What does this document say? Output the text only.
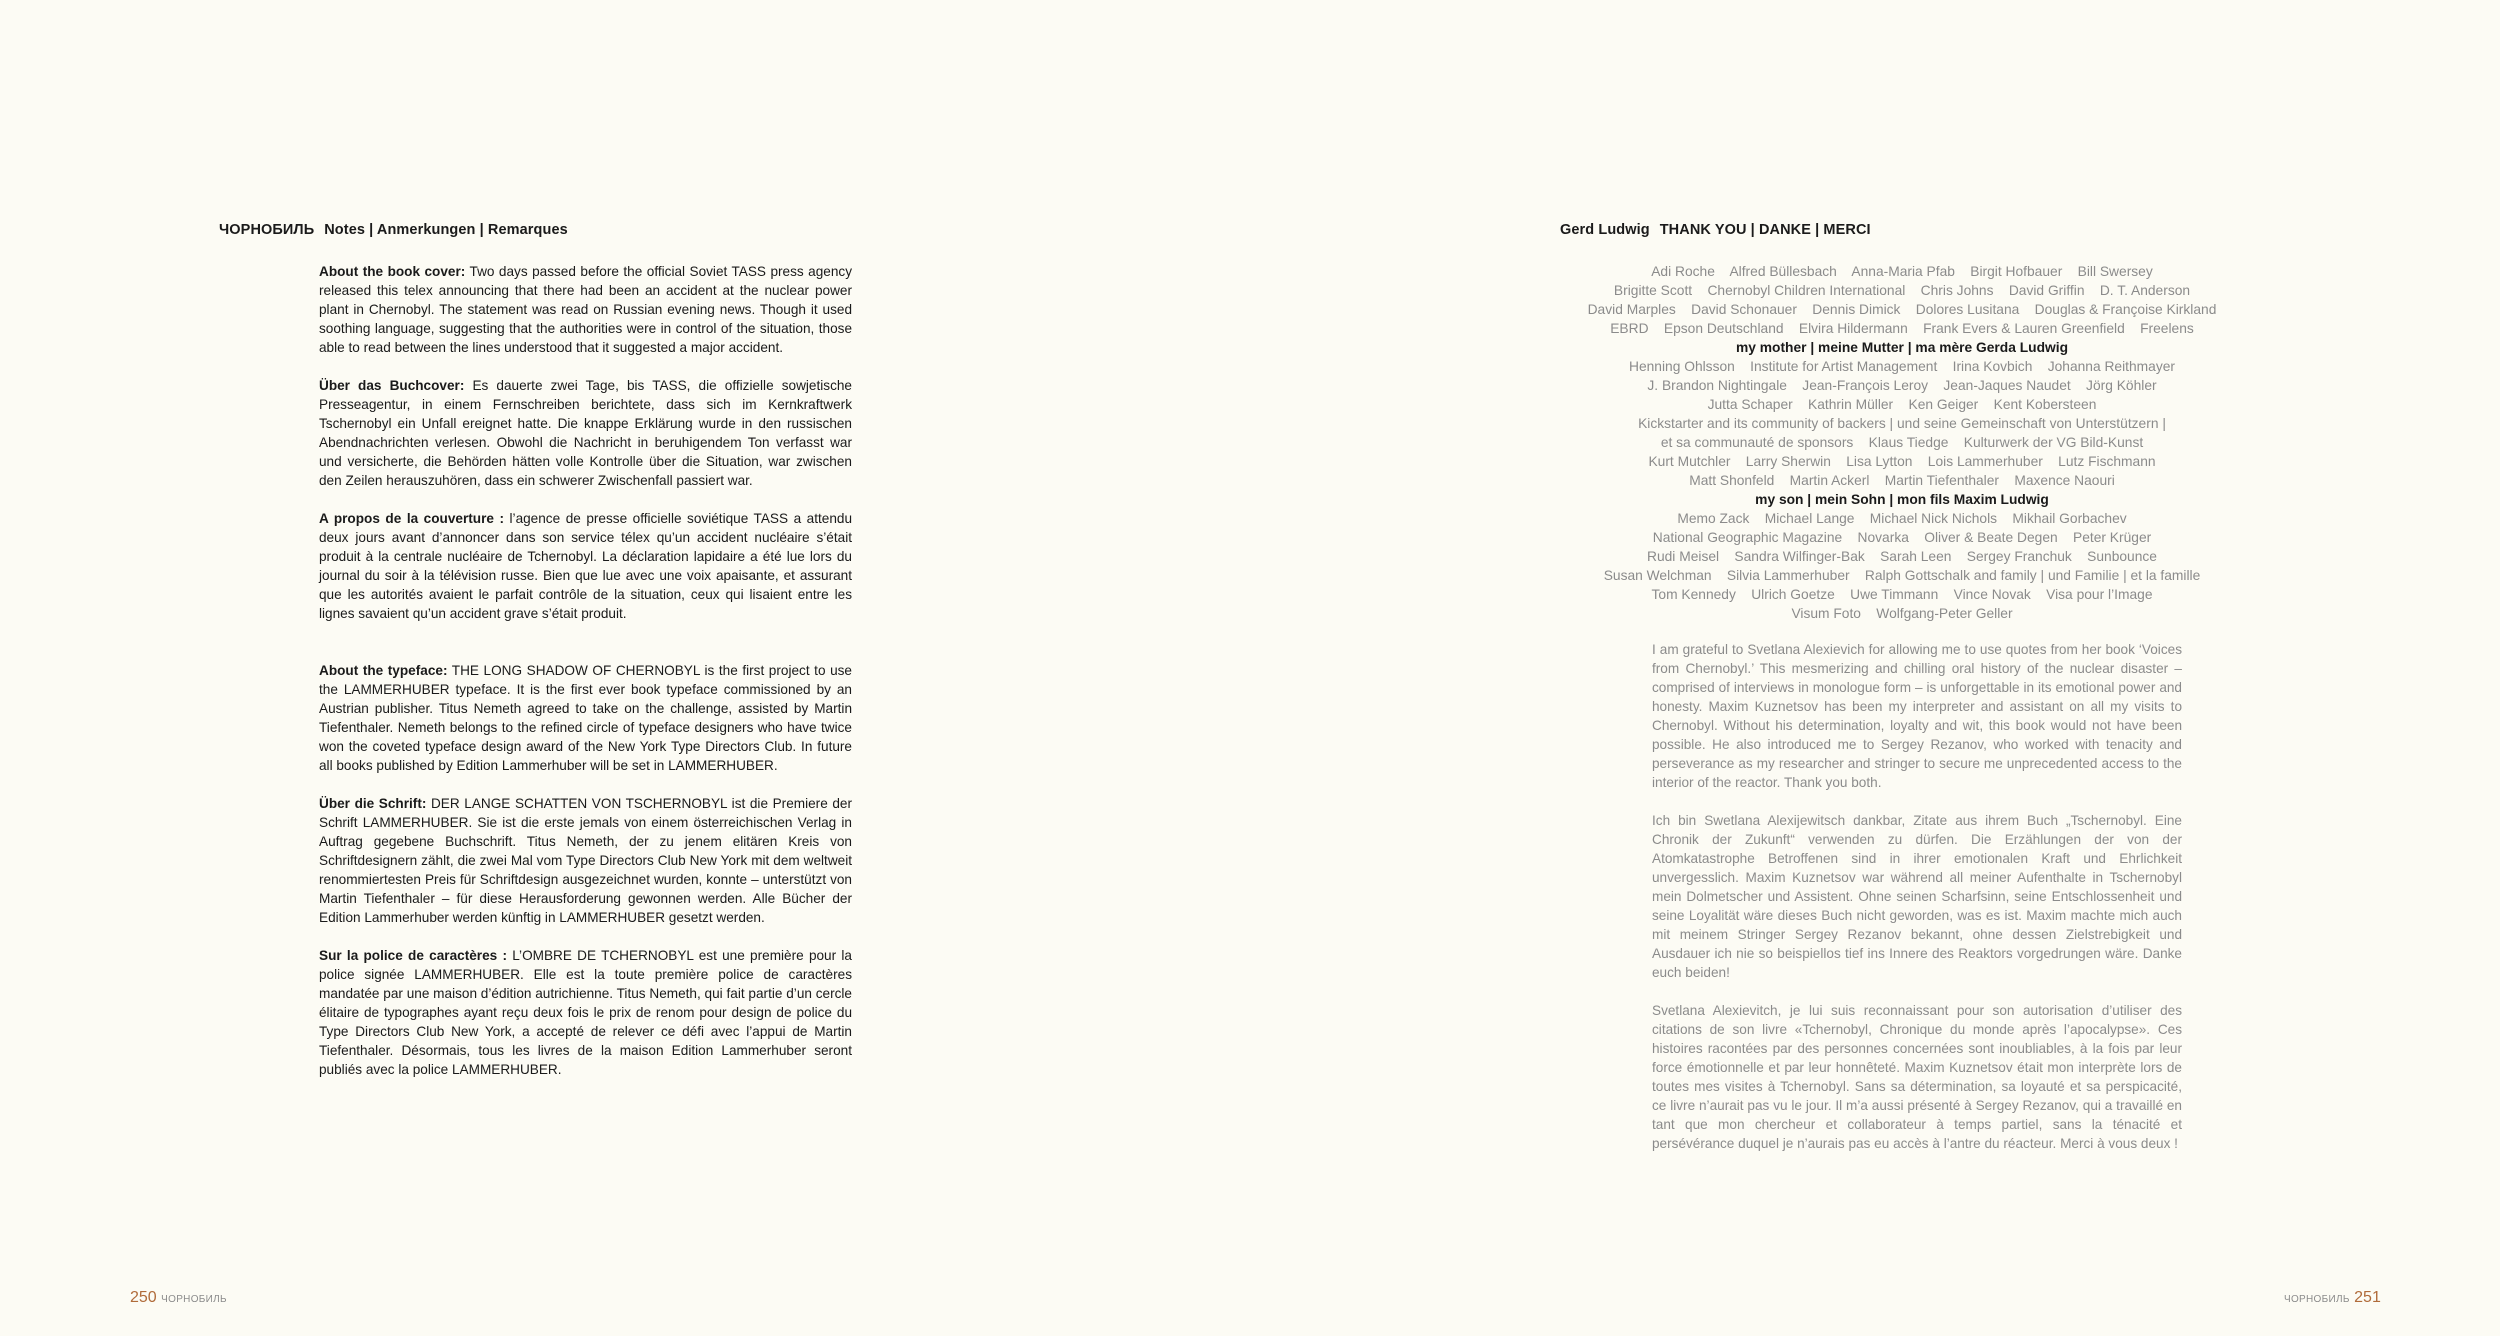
ЧОРНОБИЛЬ Notes | Anmerkungen | Remarques

About the book cover: Two days passed before the official Soviet TASS press agency released this telex announcing that there had been an accident at the nuclear power plant in Chernobyl. The statement was read on Russian evening news. Though it used soothing language, suggesting that the authorities were in control of the situation, those able to read between the lines understood that it suggested a major accident.

Über das Buchcover: Es dauerte zwei Tage, bis TASS, die offizielle sowjetische Presseagentur, in einem Fernschreiben berichtete, dass sich im Kernkraftwerk Tschernobyl ein Unfall ereignet hatte. Die knappe Erklärung wurde in den russischen Abendnachrichten verlesen. Obwohl die Nachricht in beruhigendem Ton verfasst war und versicherte, die Behörden hätten volle Kontrolle über die Situation, war zwischen den Zeilen herauszuhören, dass ein schwerer Zwischenfall passiert war.

A propos de la couverture : l’agence de presse officielle soviétique TASS a attendu deux jours avant d’annoncer dans son service télex qu’un accident nucléaire s’était produit à la centrale nucléaire de Tchernobyl. La déclaration lapidaire a été lue lors du journal du soir à la télévision russe. Bien que lue avec une voix apaisante, et assurant que les autorités avaient le parfait contrôle de la situation, ceux qui lisaient entre les lignes savaient qu’un accident grave s’était produit.

About the typeface: THE LONG SHADOW OF CHERNOBYL is the first project to use the LAMMERHUBER typeface. It is the first ever book typeface commissioned by an Austrian publisher. Titus Nemeth agreed to take on the challenge, assisted by Martin Tiefenthaler. Nemeth belongs to the refined circle of typeface designers who have twice won the coveted typeface design award of the New York Type Directors Club. In future all books published by Edition Lammerhuber will be set in LAMMERHUBER.

Über die Schrift: DER LANGE SCHATTEN VON TSCHERNOBYL ist die Premiere der Schrift LAMMERHUBER. Sie ist die erste jemals von einem österreichischen Verlag in Auftrag gegebene Buchschrift. Titus Nemeth, der zu jenem elitären Kreis von Schriftdesignern zählt, die zwei Mal vom Type Directors Club New York mit dem weltweit renommiertesten Preis für Schriftdesign ausgezeichnet wurden, konnte – unterstützt von Martin Tiefenthaler – für diese Herausforderung gewonnen werden. Alle Bücher der Edition Lammerhuber werden künftig in LAMMERHUBER gesetzt werden.

Sur la police de caractères : L’OMBRE DE TCHERNOBYL est une première pour la police signée LAMMERHUBER. Elle est la toute première police de caractères mandatée par une maison d’édition autrichienne. Titus Nemeth, qui fait partie d’un cercle élitaire de typographes ayant reçu deux fois le prix de renom pour design de police du Type Directors Club New York, a accepté de relever ce défi avec l’appui de Martin Tiefenthaler. Désormais, tous les livres de la maison Edition Lammerhuber seront publiés avec la police LAMMERHUBER.

250 ЧОРНОБИЛЬ
Gerd Ludwig THANK YOU | DANKE | MERCI
Adi Roche    Alfred Büllesbach    Anna-Maria Pfab    Birgit Hofbauer    Bill Swersey
Brigitte Scott    Chernobyl Children International    Chris Johns    David Griffin    D. T. Anderson
David Marples    David Schonauer    Dennis Dimick    Dolores Lusitana    Douglas & Françoise Kirkland
EBRD    Epson Deutschland    Elvira Hildermann    Frank Evers & Lauren Greenfield    Freelens
my mother | meine Mutter | ma mère Gerda Ludwig
Henning Ohlsson    Institute for Artist Management    Irina Kovbich    Johanna Reithmayer
J. Brandon Nightingale    Jean-François Leroy    Jean-Jaques Naudet    Jörg Köhler
Jutta Schaper    Kathrin Müller    Ken Geiger    Kent Kobersteen
Kickstarter and its community of backers | und seine Gemeinschaft von Unterstützern |
et sa communauté de sponsors    Klaus Tiedge    Kulturwerk der VG Bild-Kunst
Kurt Mutchler    Larry Sherwin    Lisa Lytton    Lois Lammerhuber    Lutz Fischmann
Matt Shonfeld    Martin Ackerl    Martin Tiefenthaler    Maxence Naouri
my son | mein Sohn | mon fils Maxim Ludwig
Memo Zack    Michael Lange    Michael Nick Nichols    Mikhail Gorbachev
National Geographic Magazine    Novarka    Oliver & Beate Degen    Peter Krüger
Rudi Meisel    Sandra Wilfinger-Bak    Sarah Leen    Sergey Franchuk    Sunbounce
Susan Welchman    Silvia Lammerhuber    Ralph Gottschalk and family | und Familie | et la famille
Tom Kennedy    Ulrich Goetze    Uwe Timmann    Vince Novak    Visa pour l’Image
Visum Foto    Wolfgang-Peter Geller

I am grateful to Svetlana Alexievich for allowing me to use quotes from her book ‘Voices from Chernobyl.’ This mesmerizing and chilling oral history of the nuclear disaster – comprised of interviews in monologue form – is unforgettable in its emotional power and honesty. Maxim Kuznetsov has been my interpreter and assistant on all my visits to Chernobyl. Without his determination, loyalty and wit, this book would not have been possible. He also introduced me to Sergey Rezanov, who worked with tenacity and perseverance as my researcher and stringer to secure me unprecedented access to the interior of the reactor. Thank you both.

Ich bin Swetlana Alexijewitsch dankbar, Zitate aus ihrem Buch „Tschernobyl. Eine Chronik der Zukunft“ verwenden zu dürfen. Die Erzählungen der von der Atomkatastrophe Betroffenen sind in ihrer emotionalen Kraft und Ehrlichkeit unvergesslich. Maxim Kuznetsov war während all meiner Aufenthalte in Tschernobyl mein Dolmetscher und Assistent. Ohne seinen Scharfsinn, seine Entschlossenheit und seine Loyalität wäre dieses Buch nicht geworden, was es ist. Maxim machte mich auch mit meinem Stringer Sergey Rezanov bekannt, ohne dessen Zielstrebigkeit und Ausdauer ich nie so beispiellos tief ins Innere des Reaktors vorgedrungen wäre. Danke euch beiden!

Svetlana Alexievitch, je lui suis reconnaissant pour son autorisation d’utiliser des citations de son livre «Tchernobyl, Chronique du monde après l’apocalypse». Ces histoires racontées par des personnes concernées sont inoubliables, à la fois par leur force émotionnelle et par leur honnêteté. Maxim Kuznetsov était mon interprète lors de toutes mes visites à Tchernobyl. Sans sa détermination, sa loyauté et sa perspicacité, ce livre n’aurait pas vu le jour. Il m’a aussi présenté à Sergey Rezanov, qui a travaillé en tant que mon chercheur et collaborateur à temps partiel, sans la ténacité et persévérance duquel je n’aurais pas eu accès à l’antre du réacteur. Merci à vous deux !

ЧОРНОБИЛЬ 251
